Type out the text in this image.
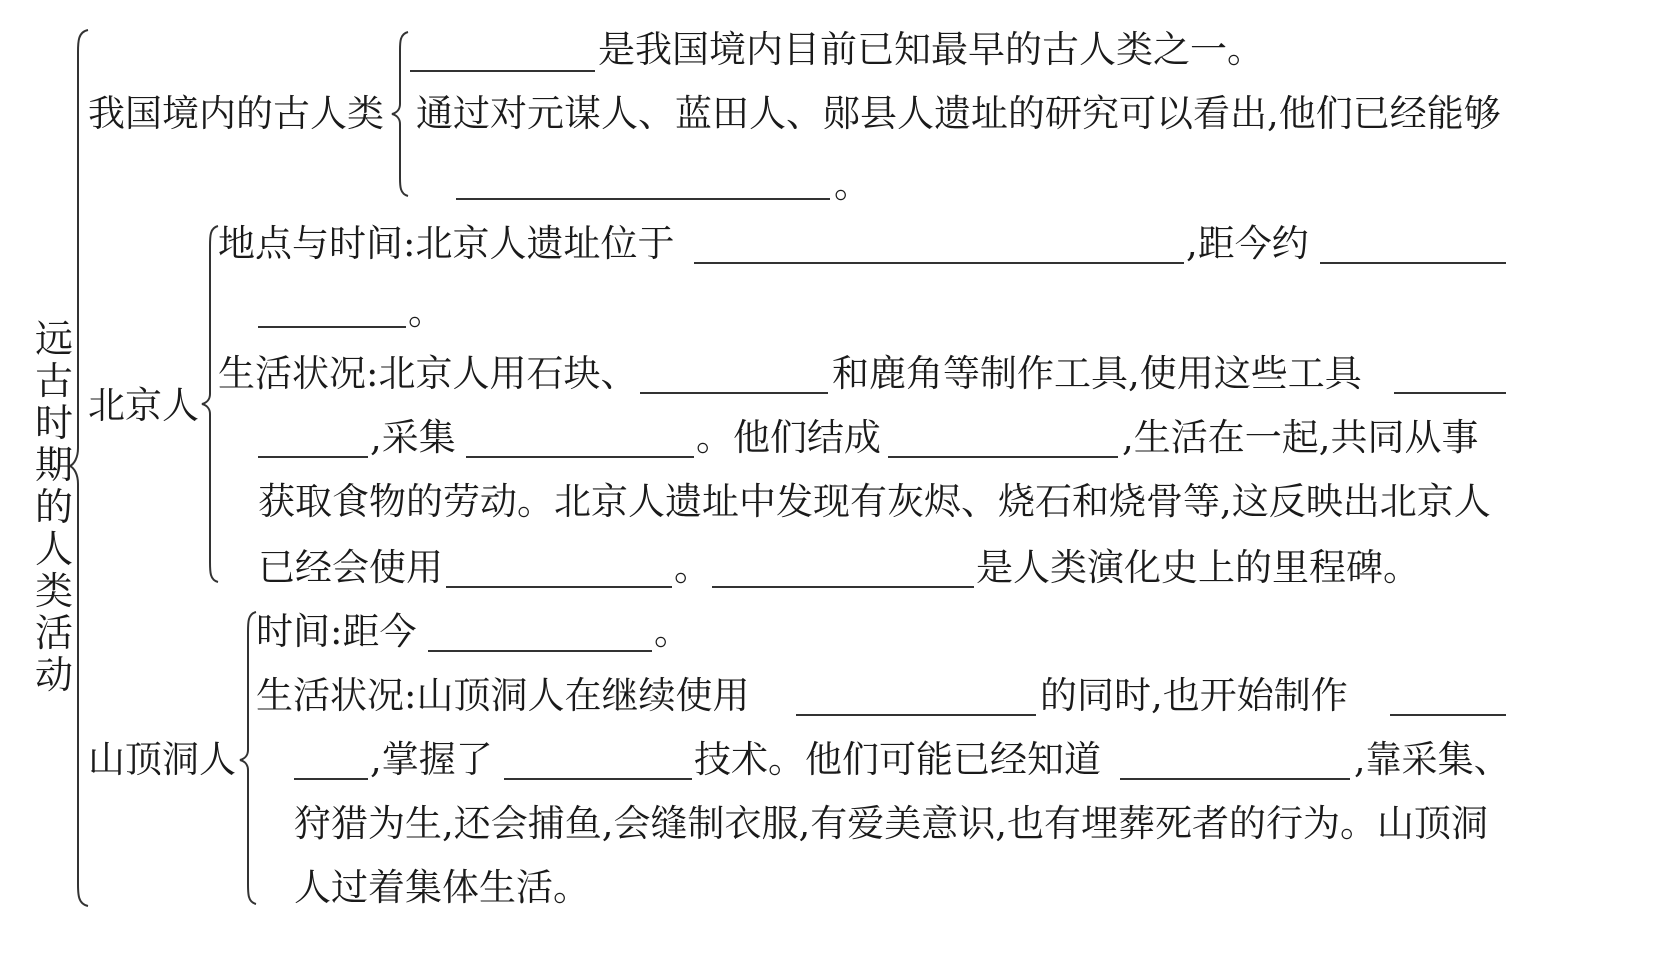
远古时期的人类活动
我国境内的古人类
是我国境内目前已知最早的古人类之一。
通过对元谋人、蓝田人、郧县人遗址的研究可以看出,他们已经能够
。
北京人
地点与时间:北京人遗址位于	,距今约
。
生活状况:北京人用石块、	和鹿角等制作工具,使用这些工具
,采集	。他们结成	,生活在一起,共同从事
获取食物的劳动。北京人遗址中发现有灰烬、烧石和烧骨等,这反映出北京人
已经会使用	。	是人类演化史上的里程碑。
山顶洞人
时间:距今	。
生活状况:山顶洞人在继续使用	的同时,也开始制作
,掌握了	技术。他们可能已经知道	,靠采集、
狩猎为生,还会捕鱼,会缝制衣服,有爱美意识,也有埋葬死者的行为。山顶洞
人过着集体生活。
